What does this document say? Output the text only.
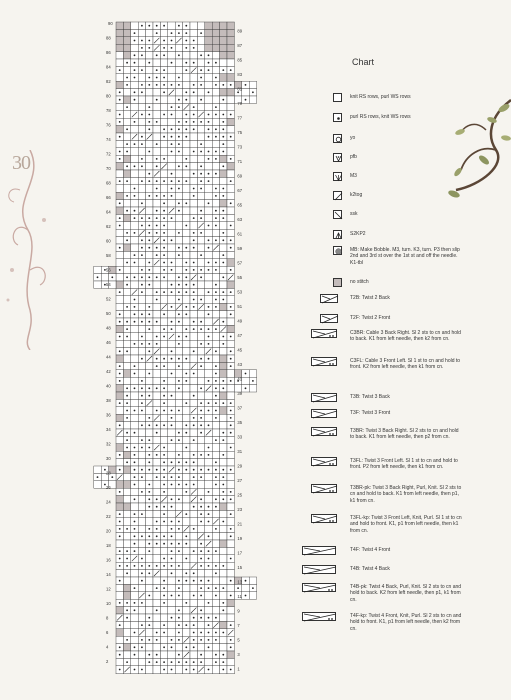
30
89
87
85
83
81
79
77
75
73
71
69
67
65
63
61
59
57
55
53
51
49
47
45
43
41
39
37
35
33
31
29
27
25
23
21
19
17
15
13
11
9
7
5
3
1
88
86
84
82
80
78
76
74
72
70
68
66
64
62
60
58
56
54
52
50
48
46
44
42
40
38
36
34
32
30
28
26
24
22
20
18
16
14
12
10
8
6
4
2
90
Chart
knit RS rows, purl WS rows
purl RS rows, knit WS rows
yo
pfb
M3
k2tog
ssk
S2KP2
MB: Make Bobble. M3, turn. K3, turn. P3 then slip 2nd and 3rd st over the 1st st and off the needle. K1-tbl
no stitch
T2B: Twist 2 Back
T2F: Twist 2 Front
C3BR: Cable 3 Back Right. Sl 2 sts to cn and hold to back. K1 from left needle, then k2 from cn.
C3FL: Cable 3 Front Left. Sl 1 st to cn and hold to front. K2 from left needle, then k1 from cn.
T3B: Twist 3 Back
T3F: Twist 3 Front
T3BR: Twist 3 Back Right. Sl 2 sts to cn and hold to back. K1 from left needle, then p2 from cn.
T3FL: Twist 3 Front Left. Sl 1 st to cn and hold to front. P2 from left needle, then k1 from cn.
T3BR-pk: Twist 3 Back Right, Purl, Knit. Sl 2 sts to cn and hold to back. K1 from left needle, then p1, k1 from cn.
T3FL-kp: Twist 3 Front Left, Knit, Purl. Sl 1 st to cn and hold to front. K1, p1 from left needle, then k1 from cn.
T4F: Twist 4 Front
T4B: Twist 4 Back
T4B-pk: Twist 4 Back, Purl, Knit. Sl 2 sts to cn and hold to back. K2 from left needle, then p1, k1 from cn.
T4F-kp: Twist 4 Front, Knit, Purl. Sl 2 sts to cn and hold to front. K1, p1 from left needle, then k2 from cn.
